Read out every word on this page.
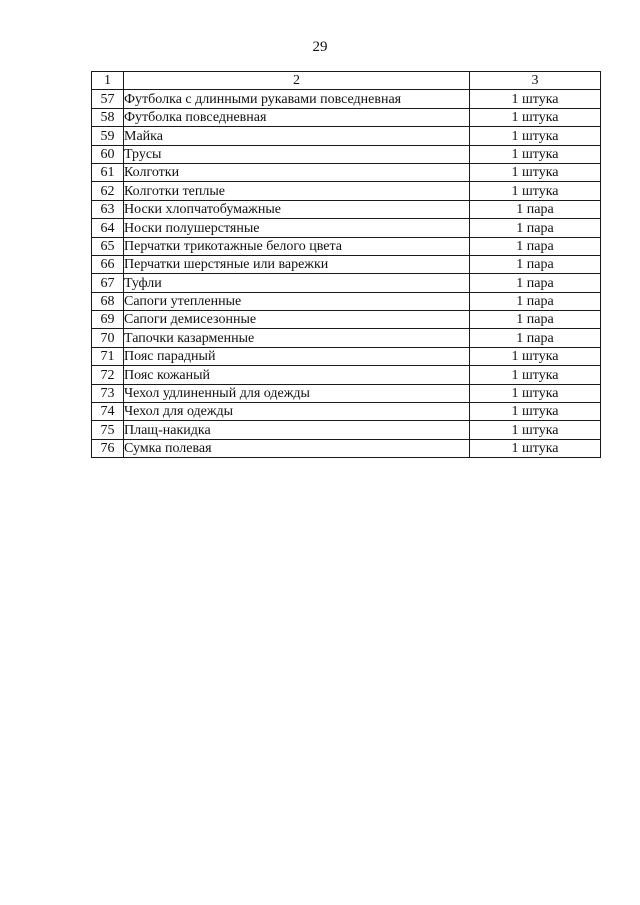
29
1	2	3
57	Футболка с длинными рукавами повседневная	1 штука
58	Футболка повседневная	1 штука
59	Майка	1 штука
60	Трусы	1 штука
61	Колготки	1 штука
62	Колготки теплые	1 штука
63	Носки хлопчатобумажные	1 пара
64	Носки полушерстяные	1 пара
65	Перчатки трикотажные белого цвета	1 пара
66	Перчатки шерстяные или варежки	1 пара
67	Туфли	1 пара
68	Сапоги утепленные	1 пара
69	Сапоги демисезонные	1 пара
70	Тапочки казарменные	1 пара
71	Пояс парадный	1 штука
72	Пояс кожаный	1 штука
73	Чехол удлиненный для одежды	1 штука
74	Чехол для одежды	1 штука
75	Плащ-накидка	1 штука
76	Сумка полевая	1 штука
